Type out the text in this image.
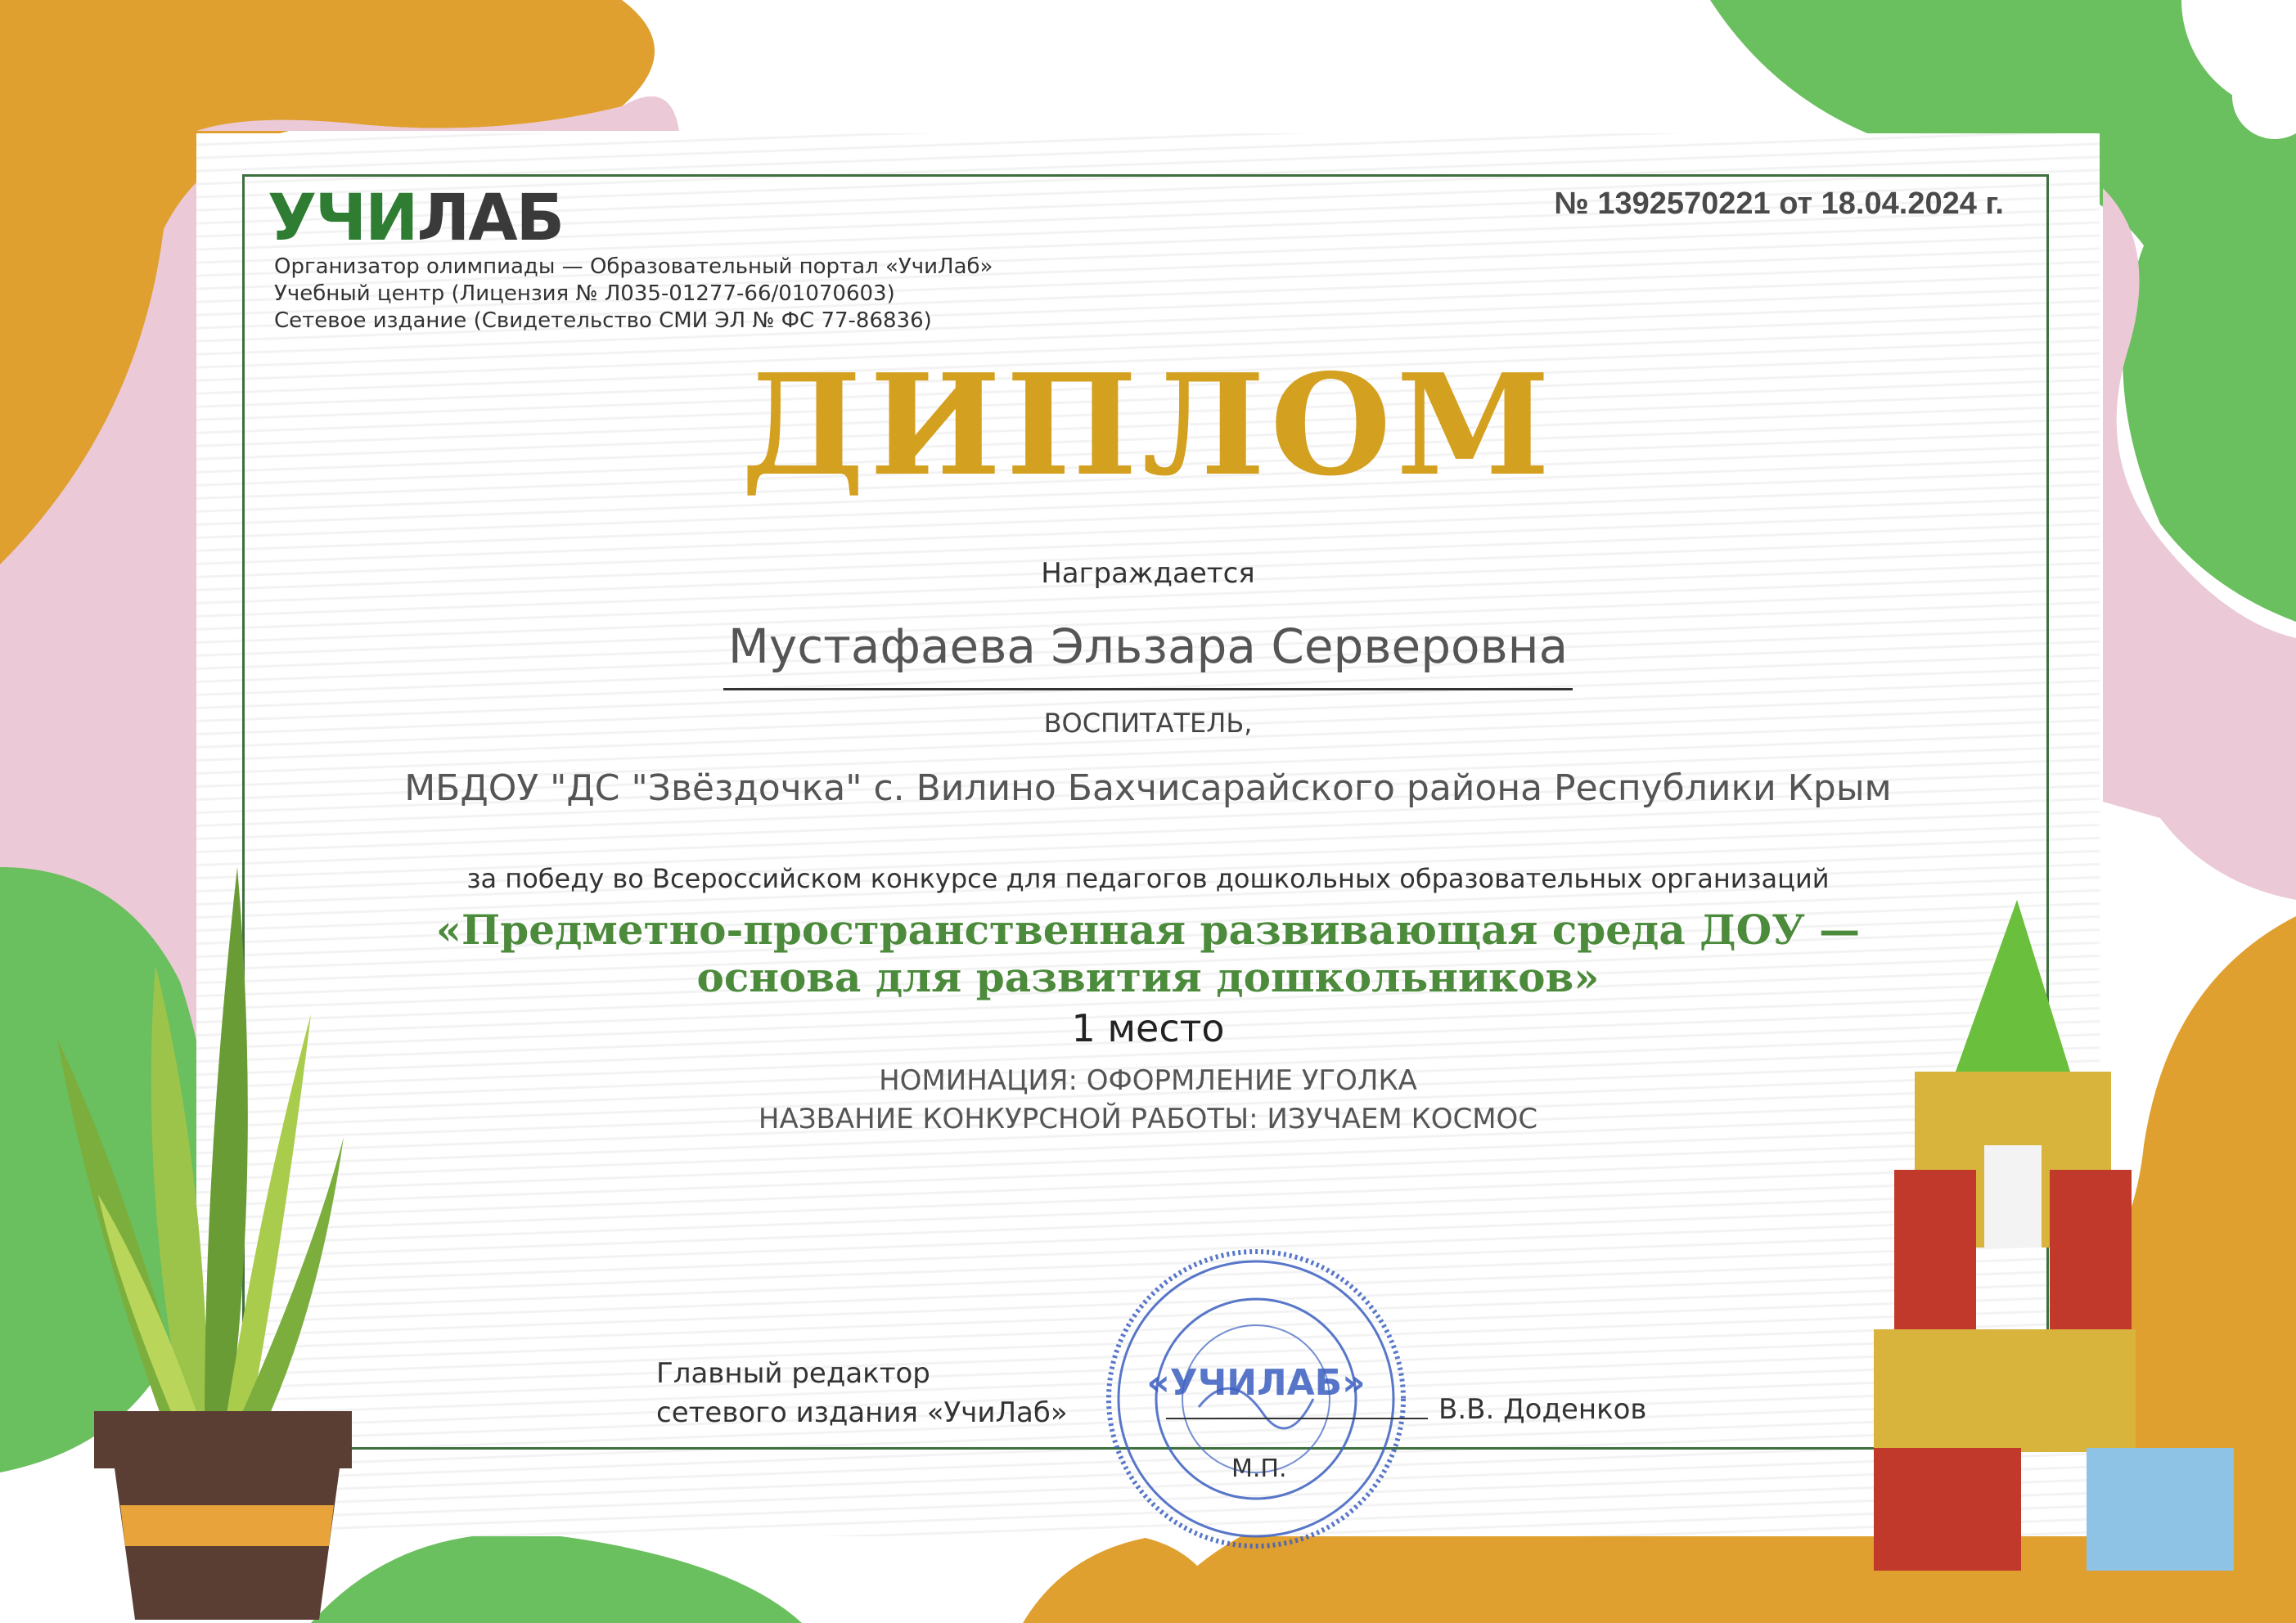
УЧИЛАБ
Организатор олимпиады — Образовательный портал «УчиЛаб»
Учебный центр (Лицензия № Л035-01277-66/01070603)
Сетевое издание (Свидетельство СМИ ЭЛ № ФС 77-86836)
№ 1392570221 от 18.04.2024 г.
ДИПЛОМ
Награждается
Мустафаева Эльзара Серверовна
ВОСПИТАТЕЛЬ,
МБДОУ "ДС "Звёздочка" с. Вилино Бахчисарайского района Республики Крым
за победу во Всероссийском конкурсе для педагогов дошкольных образовательных организаций
«Предметно-пространственная развивающая среда ДОУ —
основа для развития дошкольников»
1 место
НОМИНАЦИЯ: ОФОРМЛЕНИЕ УГОЛКА
НАЗВАНИЕ КОНКУРСНОЙ РАБОТЫ: ИЗУЧАЕМ КОСМОС
Главный редактор
сетевого издания «УчиЛаб»
«УЧИЛАБ»
М.П.
В.В. Доденков
